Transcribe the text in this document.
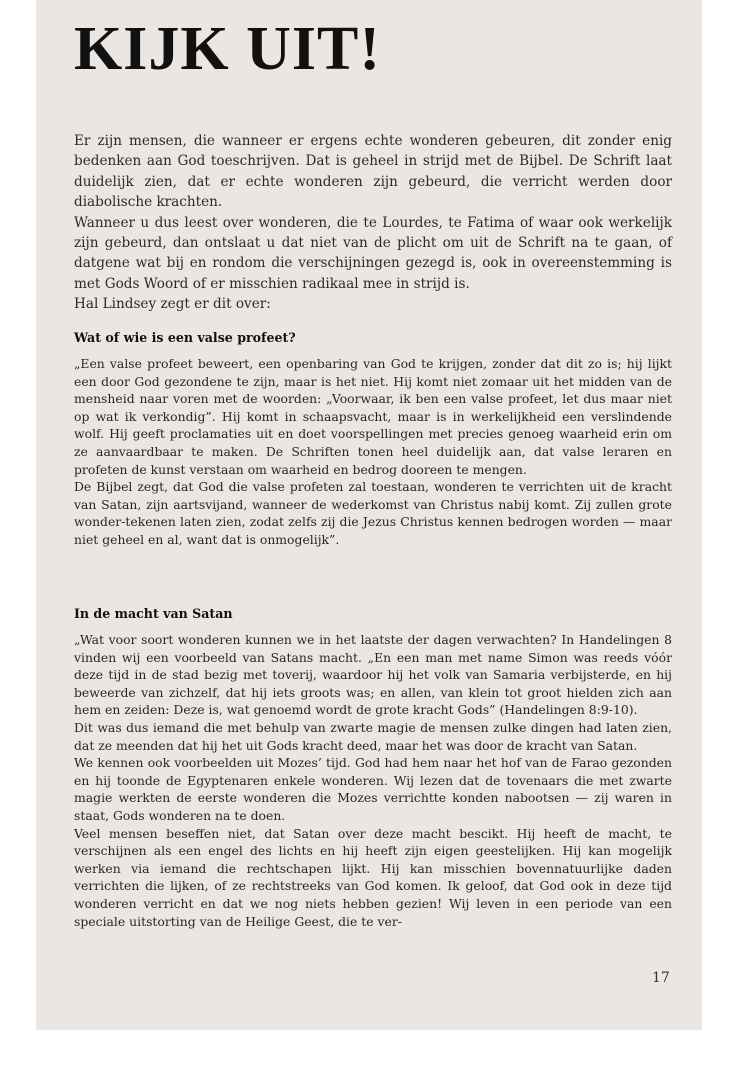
KIJK UIT!

Er zijn mensen, die wanneer er ergens echte wonderen gebeuren, dit zonder enig bedenken aan God toeschrijven. Dat is geheel in strijd met de Bijbel. De Schrift laat duidelijk zien, dat er echte wonderen zijn gebeurd, die verricht werden door diabolische krachten.

Wanneer u dus leest over wonderen, die te Lourdes, te Fatima of waar ook werkelijk zijn gebeurd, dan ontslaat u dat niet van de plicht om uit de Schrift na te gaan, of datgene wat bij en rondom die verschijningen gezegd is, ook in overeenstemming is met Gods Woord of er misschien radikaal mee in strijd is.

Hal Lindsey zegt er dit over:

Wat of wie is een valse profeet?

„Een valse profeet beweert, een openbaring van God te krijgen, zonder dat dit zo is; hij lijkt een door God gezondene te zijn, maar is het niet. Hij komt niet zomaar uit het midden van de mensheid naar voren met de woorden: „Voorwaar, ik ben een valse profeet, let dus maar niet op wat ik verkondig”. Hij komt in schaapsvacht, maar is in werkelijkheid een verslindende wolf. Hij geeft proclamaties uit en doet voorspellingen met precies genoeg waarheid erin om ze aanvaardbaar te maken. De Schriften tonen heel duidelijk aan, dat valse leraren en profeten de kunst verstaan om waarheid en bedrog dooreen te mengen.

De Bijbel zegt, dat God die valse profeten zal toestaan, wonderen te verrichten uit de kracht van Satan, zijn aartsvijand, wanneer de wederkomst van Christus nabij komt. Zij zullen grote wonder-tekenen laten zien, zodat zelfs zij die Jezus Christus kennen bedrogen worden — maar niet geheel en al, want dat is onmogelijk”.

In de macht van Satan

„Wat voor soort wonderen kunnen we in het laatste der dagen verwachten? In Handelingen 8 vinden wij een voorbeeld van Satans macht. „En een man met name Simon was reeds vóór deze tijd in de stad bezig met toverij, waardoor hij het volk van Samaria verbijsterde, en hij beweerde van zichzelf, dat hij iets groots was; en allen, van klein tot groot hielden zich aan hem en zeiden: Deze is, wat genoemd wordt de grote kracht Gods” (Handelingen 8:9-10).

Dit was dus iemand die met behulp van zwarte magie de mensen zulke dingen had laten zien, dat ze meenden dat hij het uit Gods kracht deed, maar het was door de kracht van Satan.

We kennen ook voorbeelden uit Mozes’ tijd. God had hem naar het hof van de Farao gezonden en hij toonde de Egyptenaren enkele wonderen. Wij lezen dat de tovenaars die met zwarte magie werkten de eerste wonderen die Mozes verrichtte konden nabootsen — zij waren in staat, Gods wonderen na te doen.

Veel mensen beseffen niet, dat Satan over deze macht bescikt. Hij heeft de macht, te verschijnen als een engel des lichts en hij heeft zijn eigen geestelijken. Hij kan mogelijk werken via iemand die rechtschapen lijkt. Hij kan misschien bovennatuurlijke daden verrichten die lijken, of ze rechtstreeks van God komen. Ik geloof, dat God ook in deze tijd wonderen verricht en dat we nog niets hebben gezien! Wij leven in een periode van een speciale uitstorting van de Heilige Geest, die te ver-

17
